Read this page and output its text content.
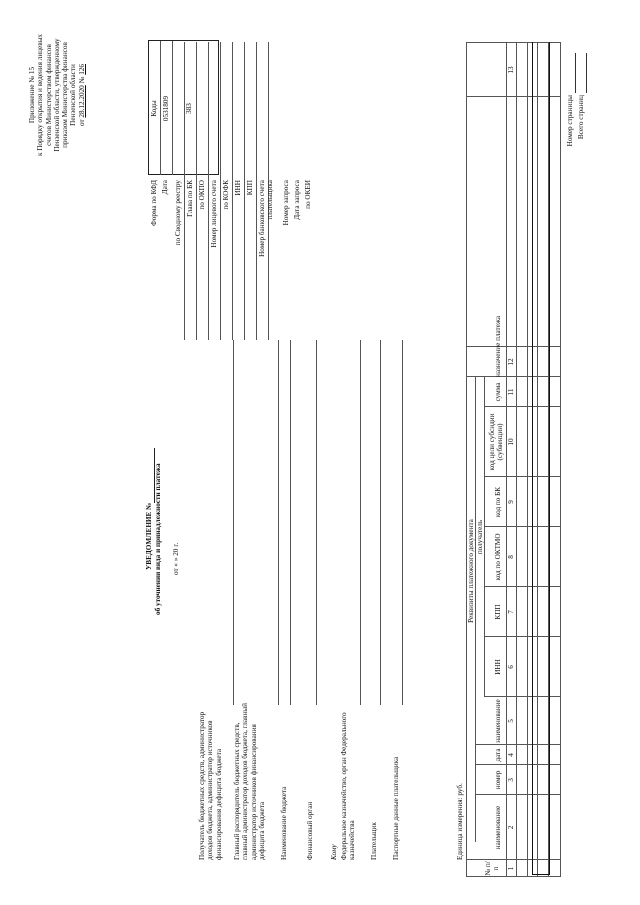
Приложение № 15 к Порядку открытия и ведения лицевых счетов Министерством финансов Пензенской области, утвержденному приказом Министерства финансов Пензенской области от 28.12.2020 № 126
Коды 0531809 383
Форма по КФД Дата по Сводному реестру Глава по БК по ОКПО Номер лицевого счета по КОФК ИНН КПП Номер банковского счета плательщика Номер запроса Дата запроса по ОКЕИ
УВЕДОМЛЕНИЕ № об уточнении вида и принадлежности платежа от « » 20 г.
Получатель бюджетных средств, администратор доходов бюджета, администратор источников финансирования дефицита бюджета Главный распорядитель бюджетных средств, главный администратор доходов бюджета, главный администратор источников финансирования дефицита бюджета Наименование бюджета	Финансовый орган Кому Федеральное казначейство, орган Федерального казначейства Плательщик Паспортные данные плательщика	Единица измерения: руб.
Реквизиты платежного документа получатель
№ п/п
наименование
номер
дата
наименование
ИНН
КПП
код по ОКТМО
код по БК
код цели субсидии (субвенции)
сумма
назначение платежа
1
2
3
4
5
6
7
8
9
10
11
12
13
Номер страницы Всего страниц
